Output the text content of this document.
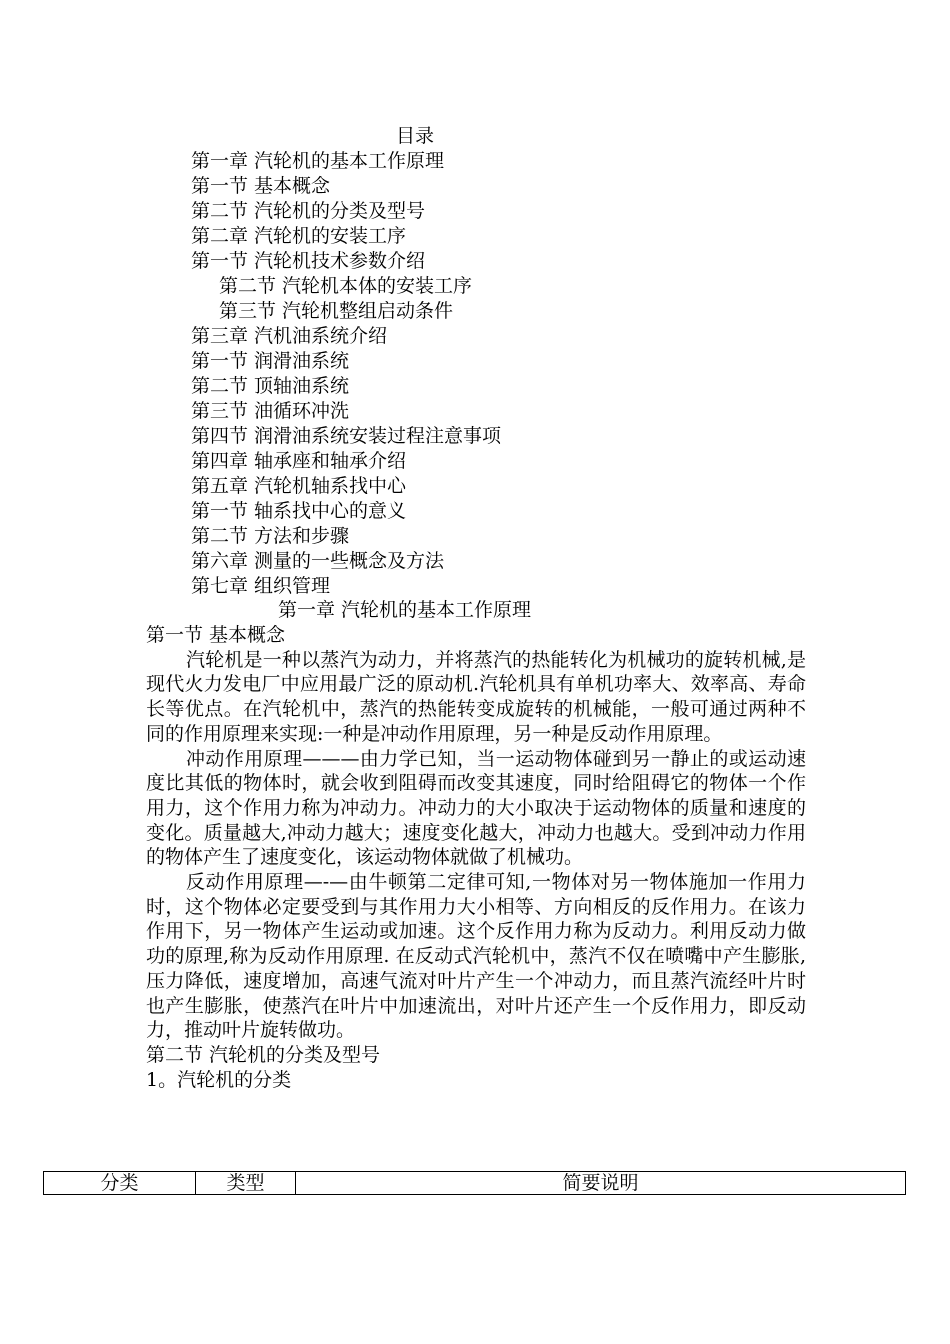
目录
第一章 汽轮机的基本工作原理
第一节 基本概念
第二节 汽轮机的分类及型号
第二章 汽轮机的安装工序
第一节 汽轮机技术参数介绍
第二节 汽轮机本体的安装工序
第三节 汽轮机整组启动条件
第三章 汽机油系统介绍
第一节 润滑油系统
第二节 顶轴油系统
第三节 油循环冲洗
第四节 润滑油系统安装过程注意事项
第四章 轴承座和轴承介绍
第五章 汽轮机轴系找中心
第一节 轴系找中心的意义
第二节 方法和步骤
第六章 测量的一些概念及方法
第七章 组织管理
第一章 汽轮机的基本工作原理
第一节 基本概念

汽轮机是一种以蒸汽为动力，并将蒸汽的热能转化为机械功的旋转机械,是现代火力发电厂中应用最广泛的原动机.汽轮机具有单机功率大、效率高、寿命长等优点。在汽轮机中，蒸汽的热能转变成旋转的机械能，一般可通过两种不同的作用原理来实现:一种是冲动作用原理，另一种是反动作用原理。

冲动作用原理———由力学已知，当一运动物体碰到另一静止的或运动速度比其低的物体时，就会收到阻碍而改变其速度，同时给阻碍它的物体一个作用力，这个作用力称为冲动力。冲动力的大小取决于运动物体的质量和速度的变化。质量越大,冲动力越大；速度变化越大，冲动力也越大。受到冲动力作用的物体产生了速度变化，该运动物体就做了机械功。

反动作用原理—-—由牛顿第二定律可知,一物体对另一物体施加一作用力时，这个物体必定要受到与其作用力大小相等、方向相反的反作用力。在该力作用下，另一物体产生运动或加速。这个反作用力称为反动力。利用反动力做功的原理,称为反动作用原理. 在反动式汽轮机中，蒸汽不仅在喷嘴中产生膨胀,压力降低，速度增加，高速气流对叶片产生一个冲动力，而且蒸汽流经叶片时也产生膨胀，使蒸汽在叶片中加速流出，对叶片还产生一个反作用力，即反动力，推动叶片旋转做功。

第二节 汽轮机的分类及型号
1。汽轮机的分类
分类	类型	简要说明
